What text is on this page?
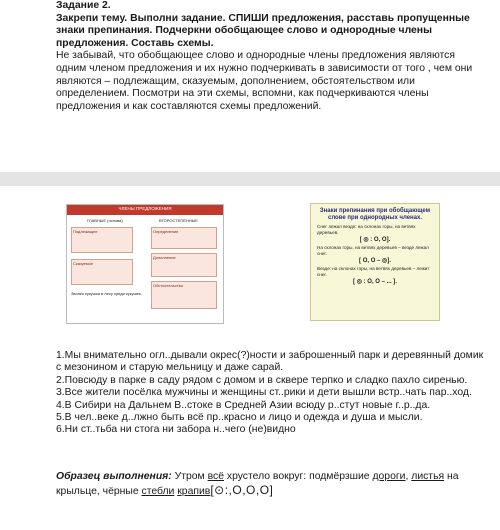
Задание 2.
Закрепи тему. Выполни задание. СПИШИ предложения, расставь пропущенные знаки препинания. Подчеркни обобщающее слово и однородные члены предложения. Составь схемы.
Не забывай, что обобщающее слово и однородные члены предложения являются одним членом предложения и их нужно подчеркивать в зависимости от того , чем они являются – подлежащим, сказуемым, дополнением, обстоятельством или определением. Посмотри на эти схемы, вспомни, как подчеркиваются члены предложения и как составляются схемы предложений.
ЧЛЕНЫ ПРЕДЛОЖЕНИЯ
ГЛАВНЫЕ (основа)	ВТОРОСТЕПЕННЫЕ
Подлежащее	Определение
Сказуемое
Дополнение
Обстоятельство
Звонко кукушка в лесу среди кукушек.
Знаки препинания при обобщающем слове при однородных членах.
Снег лежал везде: на склонах горы, на ветвях деревьев.
[ ◎ : О, О].
На склонах горы, на ветвях деревьев – везде лежал снег.
[ О, О – ◎].
Везде: на склонах горы, на ветвях деревьев – лежит снег.
[ ◎ : О, О – ... ].

1.Мы внимательно огл..дывали окрес(?)ности и заброшенный парк и деревянный домик с мезонином и старую мельницу и даже сарай.

2.Повсюду в парке в саду рядом с домом и в сквере терпко и сладко пахло сиренью.

3.Все жители посёлка мужчины и женщины ст..рики и дети вышли встр..чать пар..ход.

4.В Сибири на Дальнем В..стоке в Средней Азии всюду р..стут новые г..р..да.

5.В чел..веке д..лжно быть всё пр..красно и лицо и одежда и душа и мысли.

6.Ни ст..тьба ни стога ни забора н..чего (не)видно

Образец выполнения: Утром всё хрустело вокруг: подмёрзшие дороги, листья на крыльце, чёрные стебли крапив[⊙:,О,О,О]
